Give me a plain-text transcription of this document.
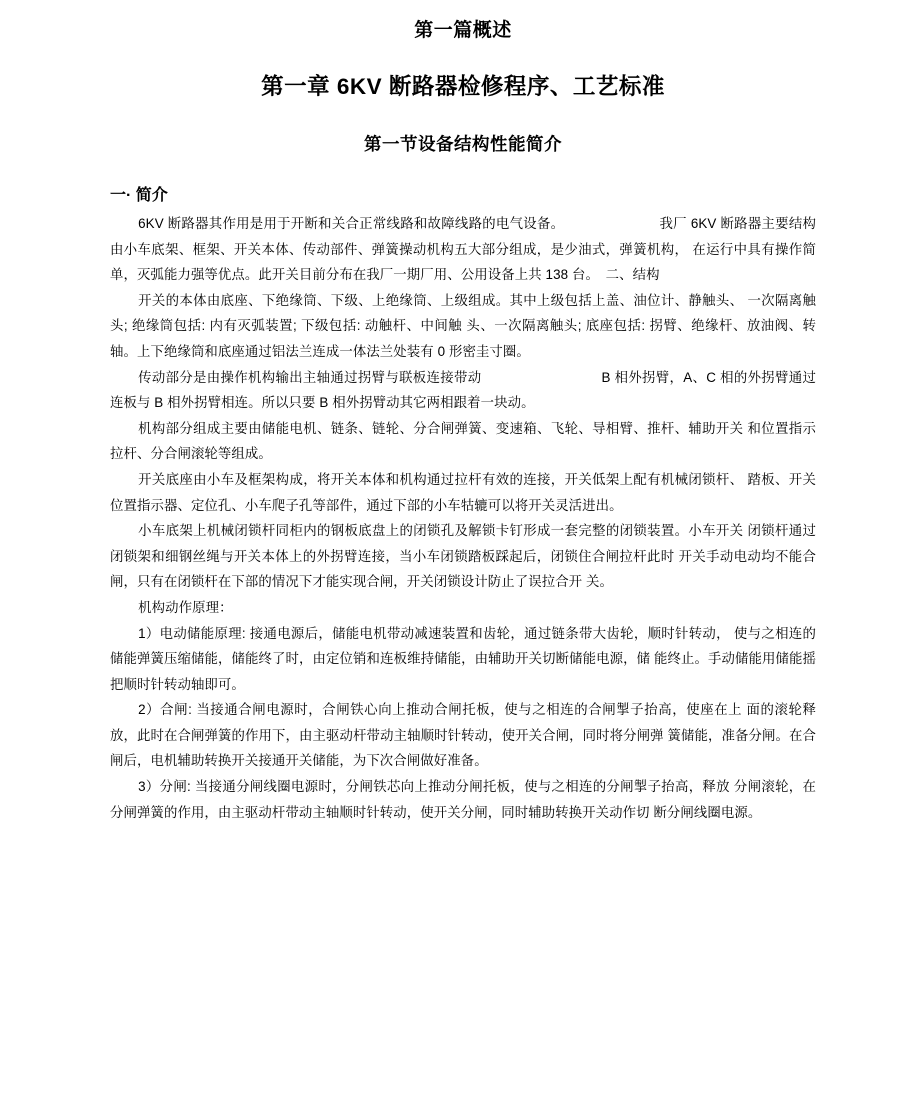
第一篇概述
第一章 6KV 断路器检修程序、工艺标准
第一节设备结构性能简介
一· 简介

6KV 断路器其作用是用于开断和关合正常线路和故障线路的电气设备。	我厂 6KV 断路器主要结构由小车底架、框架、开关本体、传动部件、弹簧操动机构五大部分组成，是少油式，弹簧机构， 在运行中具有操作简单，灭弧能力强等优点。此开关目前分布在我厂一期厂用、公用设备上共 138 台。 二、结构

开关的本体由底座、下绝缘筒、下级、上绝缘筒、上级组成。其中上级包括上盖、油位计、静触头、 一次隔离触头; 绝缘筒包括: 内有灭弧装置; 下级包括: 动触杆、中间触 头、一次隔离触头; 底座包括: 拐臂、绝缘杆、放油阀、转轴。上下绝缘筒和底座通过铝法兰连成一体法兰处装有 0 形密圭寸圈。

传动部分是由操作机构输出主轴通过拐臂与联板连接带动	B 相外拐臂，A、C 相的外拐臂通过连板与 B 相外拐臂相连。所以只要 B 相外拐臂动其它两相跟着一块动。

机构部分组成主要由储能电机、链条、链轮、分合闸弹簧、变速箱、飞轮、导相臂、推杆、辅助开关 和位置指示拉杆、分合闸滚轮等组成。

开关底座由小车及框架构成，将开关本体和机构通过拉杆有效的连接，开关低架上配有机械闭锁杆、 踏板、开关位置指示器、定位孔、小车爬子孔等部件，通过下部的小车牯辘可以将开关灵活进出。

小车底架上机械闭锁杆同柜内的钢板底盘上的闭锁孔及解锁卡钉形成一套完整的闭锁装置。小车开关 闭锁杆通过闭锁架和细钢丝绳与开关本体上的外拐臂连接，当小车闭锁踏板踩起后，闭锁住合闸拉杆此时 开关手动电动均不能合闸，只有在闭锁杆在下部的情况下才能实现合闸，开关闭锁设计防止了误拉合开 关。

机构动作原理：

1）电动储能原理: 接通电源后，储能电机带动减速装置和齿轮，通过链条带大齿轮，顺时针转动， 使与之相连的储能弹簧压缩储能，储能终了时，由定位销和连板维持储能，由辅助开关切断储能电源，储 能终止。手动储能用储能摇把顺时针转动轴即可。

2）合闸: 当接通合闸电源时，合闸铁心向上推动合闸托板，使与之相连的合闸掣子抬高，使座在上 面的滚轮释放，此时在合闸弹簧的作用下，由主驱动杆带动主轴顺时针转动，使开关合闸，同时将分闸弹 簧储能，准备分闸。在合闸后，电机辅助转换开关接通开关储能，为下次合闸做好准备。

3）分闸: 当接通分闸线圈电源时，分闸铁芯向上推动分闸托板，使与之相连的分闸掣子抬高，释放 分闸滚轮，在分闸弹簧的作用，由主驱动杆带动主轴顺时针转动，使开关分闸，同时辅助转换开关动作切 断分闸线圈电源。
